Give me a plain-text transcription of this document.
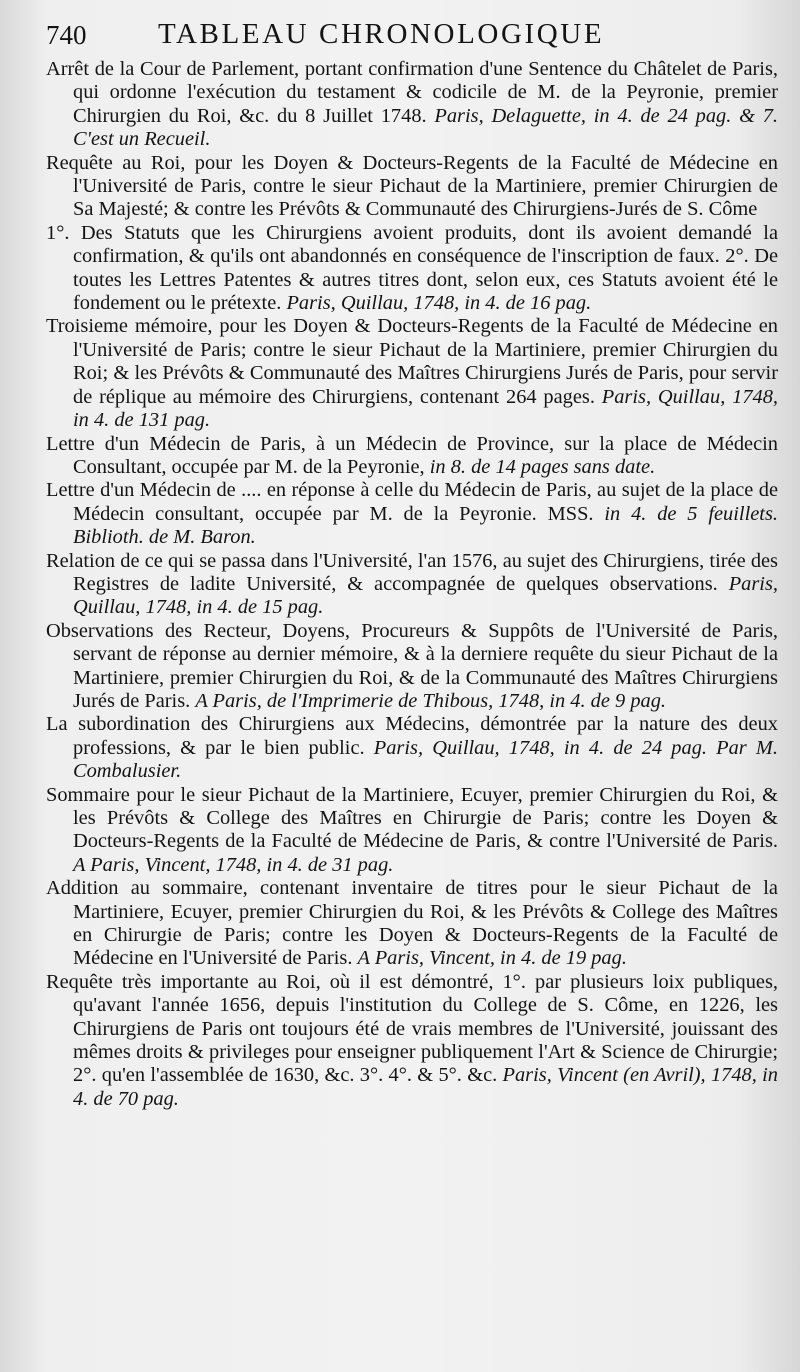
740 TABLEAU CHRONOLOGIQUE

Arrêt de la Cour de Parlement, portant confirmation d'une Sentence du Châtelet de Paris, qui ordonne l'exécution du testament & codicile de M. de la Peyronie, premier Chirurgien du Roi, &c. du 8 Juillet 1748. Paris, Delaguette, in 4. de 24 pag. & 7. C'est un Recueil.

Requête au Roi, pour les Doyen & Docteurs-Regents de la Faculté de Médecine en l'Université de Paris, contre le sieur Pichaut de la Martiniere, premier Chirurgien de Sa Majesté; & contre les Prévôts & Communauté des Chirurgiens-Jurés de S. Côme
1°. Des Statuts que les Chirurgiens avoient produits, dont ils avoient demandé la confirmation, & qu'ils ont abandonnés en conséquence de l'inscription de faux. 2°. De toutes les Lettres Patentes & autres titres dont, selon eux, ces Statuts avoient été le fondement ou le prétexte. Paris, Quillau, 1748, in 4. de 16 pag.

Troisieme mémoire, pour les Doyen & Docteurs-Regents de la Faculté de Médecine en l'Université de Paris; contre le sieur Pichaut de la Martiniere, premier Chirurgien du Roi; & les Prévôts & Communauté des Maîtres Chirurgiens Jurés de Paris, pour servir de réplique au mémoire des Chirurgiens, contenant 264 pages. Paris, Quillau, 1748, in 4. de 131 pag.

Lettre d'un Médecin de Paris, à un Médecin de Province, sur la place de Médecin Consultant, occupée par M. de la Peyronie, in 8. de 14 pages sans date.

Lettre d'un Médecin de .... en réponse à celle du Médecin de Paris, au sujet de la place de Médecin consultant, occupée par M. de la Peyronie. MSS. in 4. de 5 feuillets. Biblioth. de M. Baron.

Relation de ce qui se passa dans l'Université, l'an 1576, au sujet des Chirurgiens, tirée des Registres de ladite Université, & accompagnée de quelques observations. Paris, Quillau, 1748, in 4. de 15 pag.

Observations des Recteur, Doyens, Procureurs & Suppôts de l'Université de Paris, servant de réponse au dernier mémoire, & à la derniere requête du sieur Pichaut de la Martiniere, premier Chirurgien du Roi, & de la Communauté des Maîtres Chirurgiens Jurés de Paris. A Paris, de l'Imprimerie de Thibous, 1748, in 4. de 9 pag.

La subordination des Chirurgiens aux Médecins, démontrée par la nature des deux professions, & par le bien public. Paris, Quillau, 1748, in 4. de 24 pag. Par M. Combalusier.

Sommaire pour le sieur Pichaut de la Martiniere, Ecuyer, premier Chirurgien du Roi, & les Prévôts & College des Maîtres en Chirurgie de Paris; contre les Doyen & Docteurs-Regents de la Faculté de Médecine de Paris, & contre l'Université de Paris. A Paris, Vincent, 1748, in 4. de 31 pag.

Addition au sommaire, contenant inventaire de titres pour le sieur Pichaut de la Martiniere, Ecuyer, premier Chirurgien du Roi, & les Prévôts & College des Maîtres en Chirurgie de Paris; contre les Doyen & Docteurs-Regents de la Faculté de Médecine en l'Université de Paris. A Paris, Vincent, in 4. de 19 pag.

Requête très importante au Roi, où il est démontré, 1°. par plusieurs loix publiques, qu'avant l'année 1656, depuis l'institution du College de S. Côme, en 1226, les Chirurgiens de Paris ont toujours été de vrais membres de l'Université, jouissant des mêmes droits & privileges pour enseigner publiquement l'Art & Science de Chirurgie; 2°. qu'en l'assemblée de 1630, &c. 3°. 4°. & 5°. &c. Paris, Vincent (en Avril), 1748, in 4. de 70 pag.
